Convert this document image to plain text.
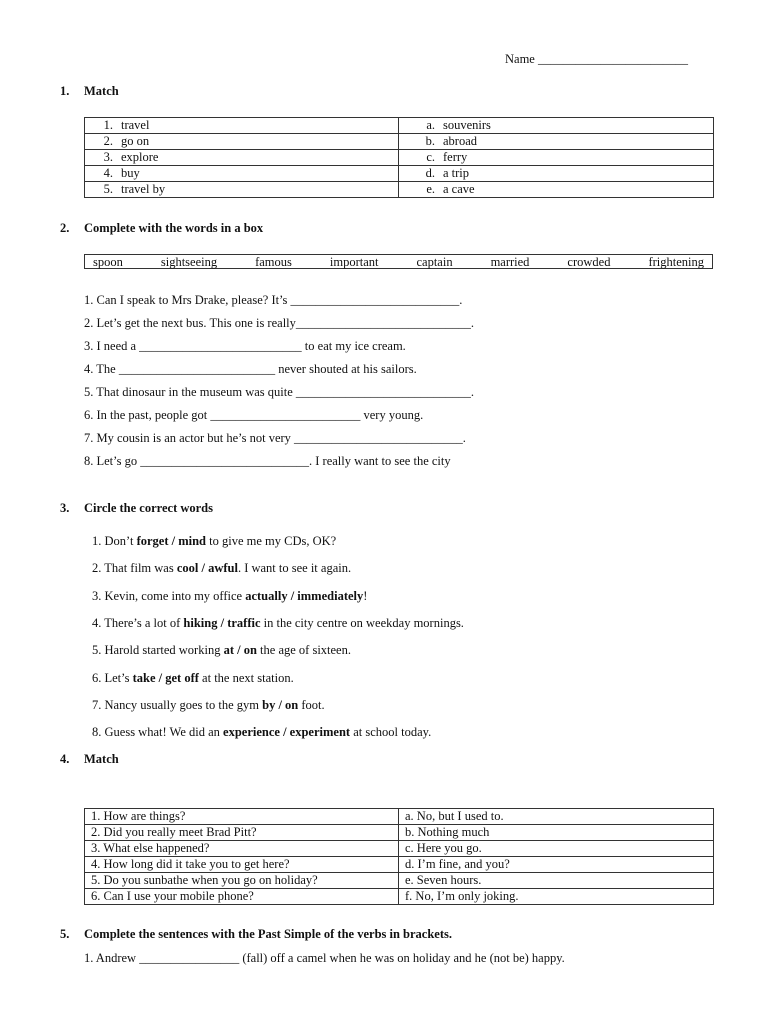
Name ________________________
1. Match
1. travel	a. souvenirs
2. go on	b. abroad
3. explore	c. ferry
4. buy	d. a trip
5. travel by	e. a cave
2. Complete with the words in a box
spoon	sightseeing	famous	important	captain	married	crowded	frightening
1. Can I speak to Mrs Drake, please? It’s ___________________________.
2. Let’s get the next bus. This one is really____________________________.
3. I need a __________________________ to eat my ice cream.
4. The _________________________ never shouted at his sailors.
5. That dinosaur in the museum was quite ____________________________.
6. In the past, people got ________________________ very young.
7. My cousin is an actor but he’s not very ___________________________.
8. Let’s go ___________________________. I really want to see the city
3. Circle the correct words
1. Don’t forget / mind to give me my CDs, OK?
2. That film was cool / awful. I want to see it again.
3. Kevin, come into my office actually / immediately!
4. There’s a lot of hiking / traffic in the city centre on weekday mornings.
5. Harold started working at / on the age of sixteen.
6. Let’s take / get off at the next station.
7. Nancy usually goes to the gym by / on foot.
8. Guess what! We did an experience / experiment at school today.
4. Match
1. How are things?	a. No, but I used to.
2. Did you really meet Brad Pitt?	b. Nothing much
3. What else happened?	c. Here you go.
4. How long did it take you to get here?	d. I’m fine, and you?
5. Do you sunbathe when you go on holiday?	e. Seven hours.
6. Can I use your mobile phone?	f. No, I’m only joking.
5. Complete the sentences with the Past Simple of the verbs in brackets.
1. Andrew ________________ (fall) off a camel when he was on holiday and he (not be) happy.
